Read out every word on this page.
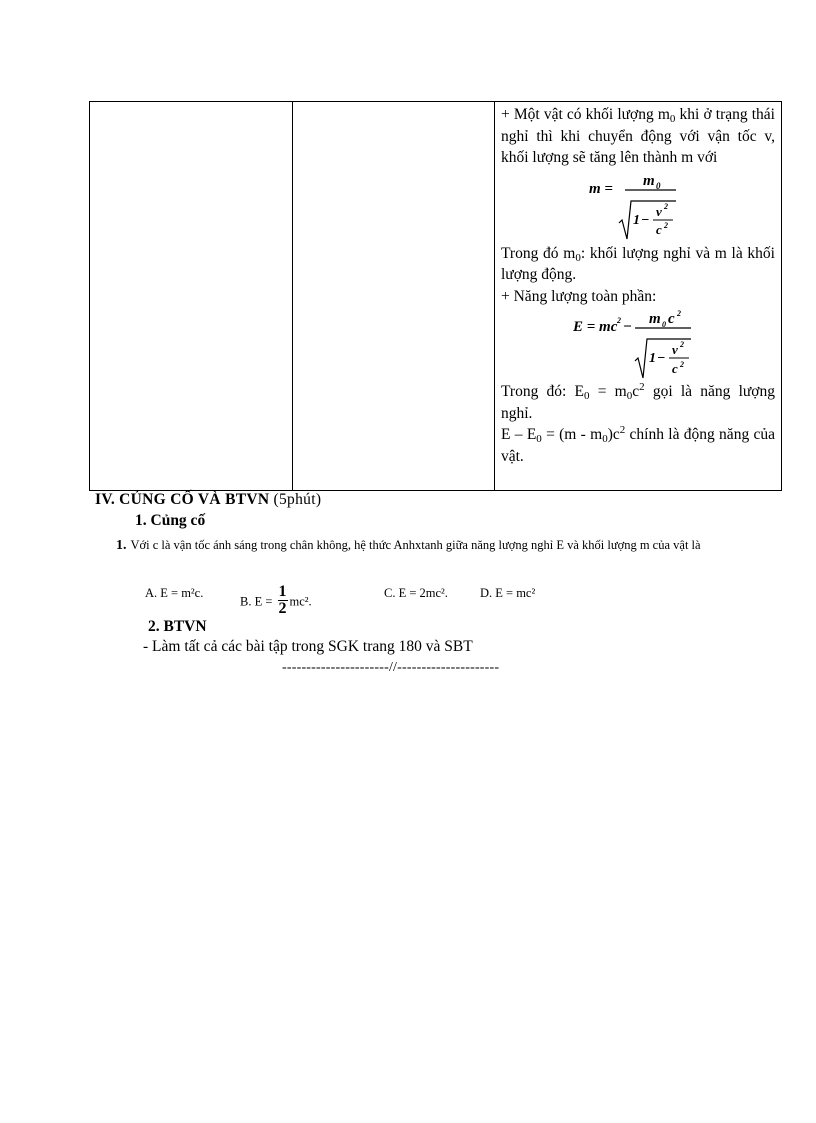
+ Một vật có khối lượng $m_0$ khi ở trạng thái nghỉ thì khi chuyển động với vận tốc v, khối lượng sẽ tăng lên thành m với

m = m 0
1 −
v 2
c 2

Trong đó $m_0$: khối lượng nghỉ và m là khối lượng động.

+ Năng lượng toàn phần:

E = mc 2 − m 0 c 2
1 −
v 2
c 2

Trong đó: $E_0 = m_0c^2$ gọi là năng lượng nghỉ.

$E - E_0 = (m - m_0)c^2$ chính là động năng của vật.

IV. CỦNG CỐ VÀ BTVN (5phút)

1. Củng cố

1. Với c là vận tốc ánh sáng trong chân không, hệ thức Anhxtanh giữa năng lượng nghỉ E và khối lượng m của vật là

A. E = m²c.
B. $E = \frac{1}{2} mc^2$.
C. E = 2mc².	D. E = mc²

2. BTVN

- Làm tất cả các bài tập trong SGK trang 180 và SBT

----------------------//---------------------
